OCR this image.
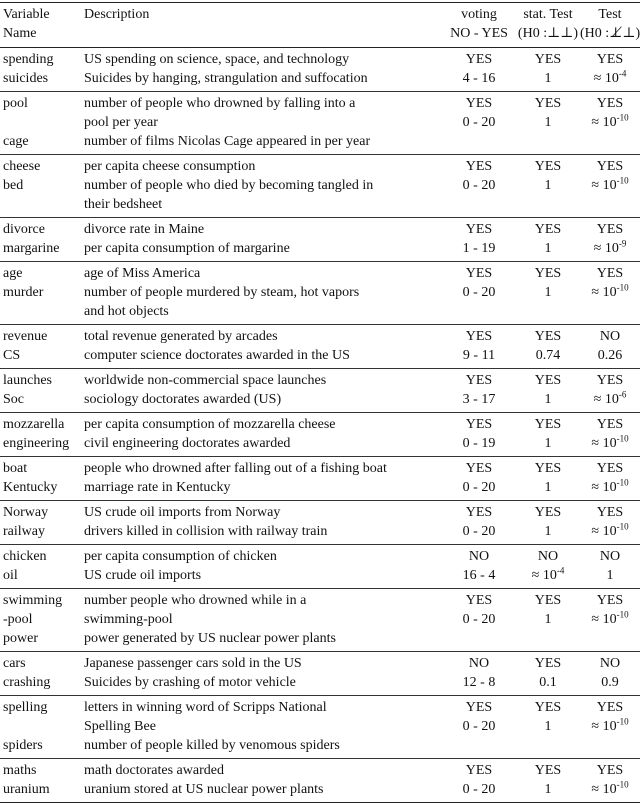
Variable
Name
Description	voting
NO - YES
stat. Test
(H0 :⊥⊥)
Test
(H0 :⊥̸⊥)
spending
suicides
US spending on science, space, and technology
Suicides by hanging, strangulation and suffocation
YES
4 - 16
YES
1
YES
≈ $10^{-4}$
pool
cage
number of people who drowned by falling into a
pool per year
number of films Nicolas Cage appeared in per year
YES
0 - 20
YES
1
YES
≈ $10^{-10}$
cheese
bed
per capita cheese consumption
number of people who died by becoming tangled in
their bedsheet
YES
0 - 20
YES
1
YES
≈ $10^{-10}$
divorce
margarine
divorce rate in Maine
per capita consumption of margarine
YES
1 - 19
YES
1
YES
≈ $10^{-9}$
age
murder
age of Miss America
number of people murdered by steam, hot vapors
and hot objects
YES
0 - 20
YES
1
YES
≈ $10^{-10}$
revenue
CS
total revenue generated by arcades
computer science doctorates awarded in the US
YES
9 - 11
YES
0.74
NO
0.26
launches
Soc
worldwide non-commercial space launches
sociology doctorates awarded (US)
YES
3 - 17
YES
1
YES
≈ $10^{-6}$
mozzarella
engineering
per capita consumption of mozzarella cheese
civil engineering doctorates awarded
YES
0 - 19
YES
1
YES
≈ $10^{-10}$
boat
Kentucky
people who drowned after falling out of a fishing boat
marriage rate in Kentucky
YES
0 - 20
YES
1
YES
≈ $10^{-10}$
Norway
railway
US crude oil imports from Norway
drivers killed in collision with railway train
YES
0 - 20
YES
1
YES
≈ $10^{-10}$
chicken
oil
per capita consumption of chicken
US crude oil imports
NO
16 - 4
NO
≈ $10^{-4}$
NO
1
swimming
-pool
power
number people who drowned while in a
swimming-pool
power generated by US nuclear power plants
YES
0 - 20
YES
1
YES
≈ $10^{-10}$
cars
crashing
Japanese passenger cars sold in the US
Suicides by crashing of motor vehicle
NO
12 - 8
YES
0.1
NO
0.9
spelling
spiders
letters in winning word of Scripps National
Spelling Bee
number of people killed by venomous spiders
YES
0 - 20
YES
1
YES
≈ $10^{-10}$
maths
uranium
math doctorates awarded
uranium stored at US nuclear power plants
YES
0 - 20
YES
1
YES
≈ $10^{-10}$
